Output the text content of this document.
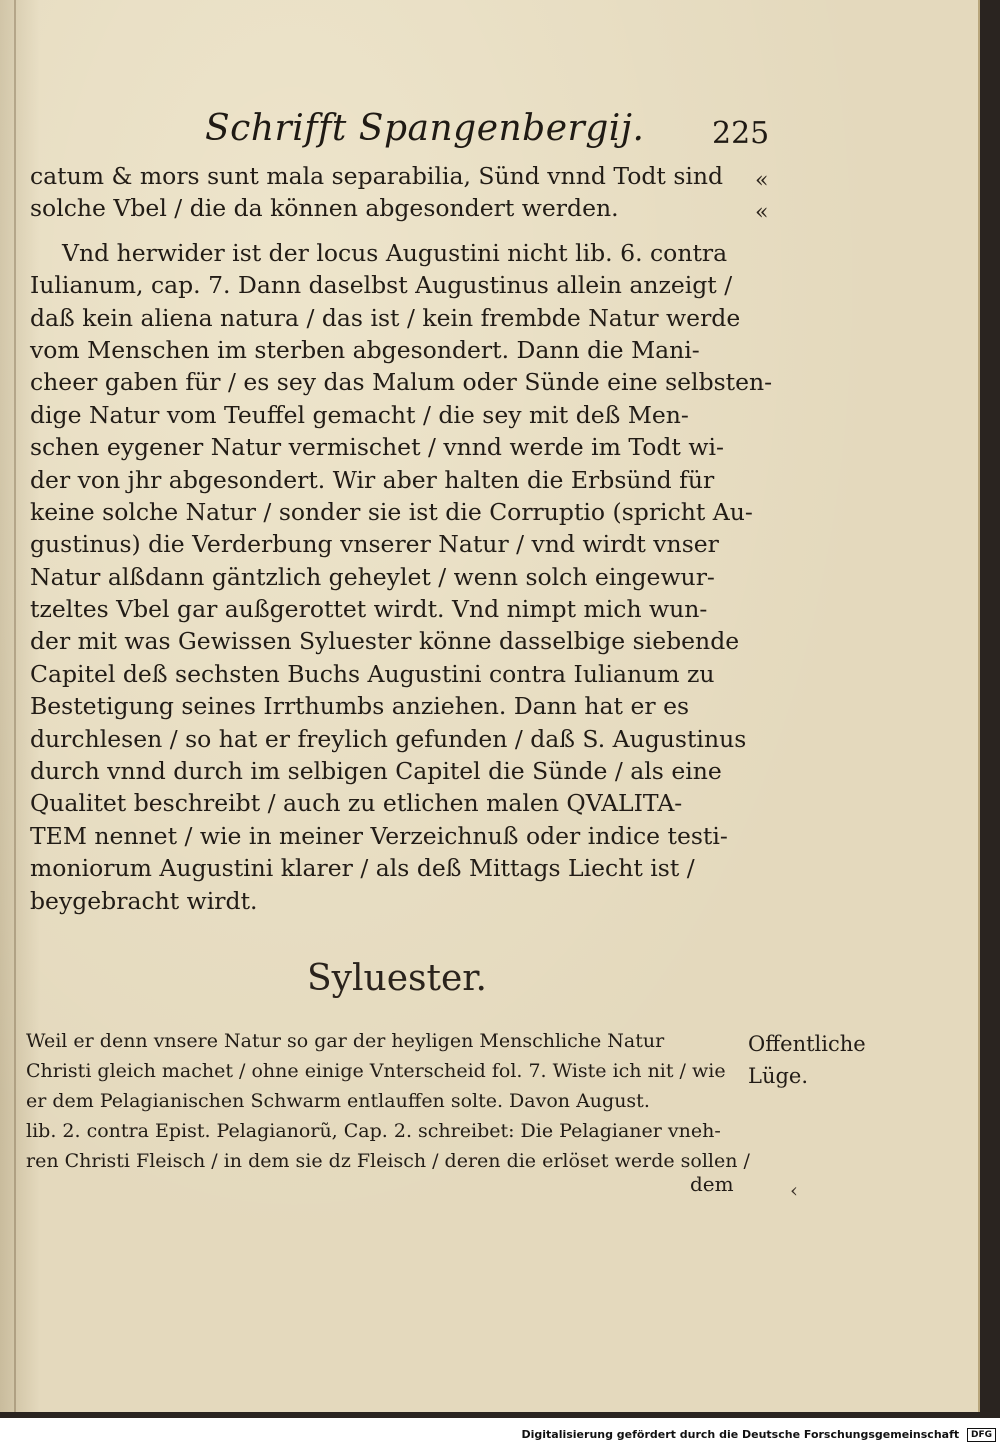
Schrifft Spangenbergij. 225
«
«
catum & mors sunt mala separabilia, Sünd vnnd Todt sind
solche Vbel / die da können abgesondert werden.
Vnd herwider ist der locus Augustini nicht lib. 6. contra
Iulianum, cap. 7. Dann daselbst Augustinus allein anzeigt /
daß kein aliena natura / das ist / kein frembde Natur werde
vom Menschen im sterben abgesondert. Dann die Mani-
cheer gaben für / es sey das Malum oder Sünde eine selbsten-
dige Natur vom Teuffel gemacht / die sey mit deß Men-
schen eygener Natur vermischet / vnnd werde im Todt wi-
der von jhr abgesondert. Wir aber halten die Erbsünd für
keine solche Natur / sonder sie ist die Corruptio (spricht Au-
gustinus) die Verderbung vnserer Natur / vnd wirdt vnser
Natur alßdann gäntzlich geheylet / wenn solch eingewur-
tzeltes Vbel gar außgerottet wirdt. Vnd nimpt mich wun-
der mit was Gewissen Syluester könne dasselbige siebende
Capitel deß sechsten Buchs Augustini contra Iulianum zu
Bestetigung seines Irrthumbs anziehen. Dann hat er es
durchlesen / so hat er freylich gefunden / daß S. Augustinus
durch vnnd durch im selbigen Capitel die Sünde / als eine
Qualitet beschreibt / auch zu etlichen malen QVALITA-
TEM nennet / wie in meiner Verzeichnuß oder indice testi-
moniorum Augustini klarer / als deß Mittags Liecht ist /
beygebracht wirdt.
Syluester.
Weil er denn vnsere Natur so gar der heyligen Menschliche Natur
Christi gleich machet / ohne einige Vnterscheid fol. 7. Wiste ich nit / wie
er dem Pelagianischen Schwarm entlauffen solte. Davon August.
lib. 2. contra Epist. Pelagianorũ, Cap. 2. schreibet: Die Pelagianer vneh-
ren Christi Fleisch / in dem sie dz Fleisch / deren die erlöset werde sollen /
Offentliche
Lüge.
dem	‹
Digitalisierung gefördert durch die Deutsche Forschungsgemeinschaft DFG
